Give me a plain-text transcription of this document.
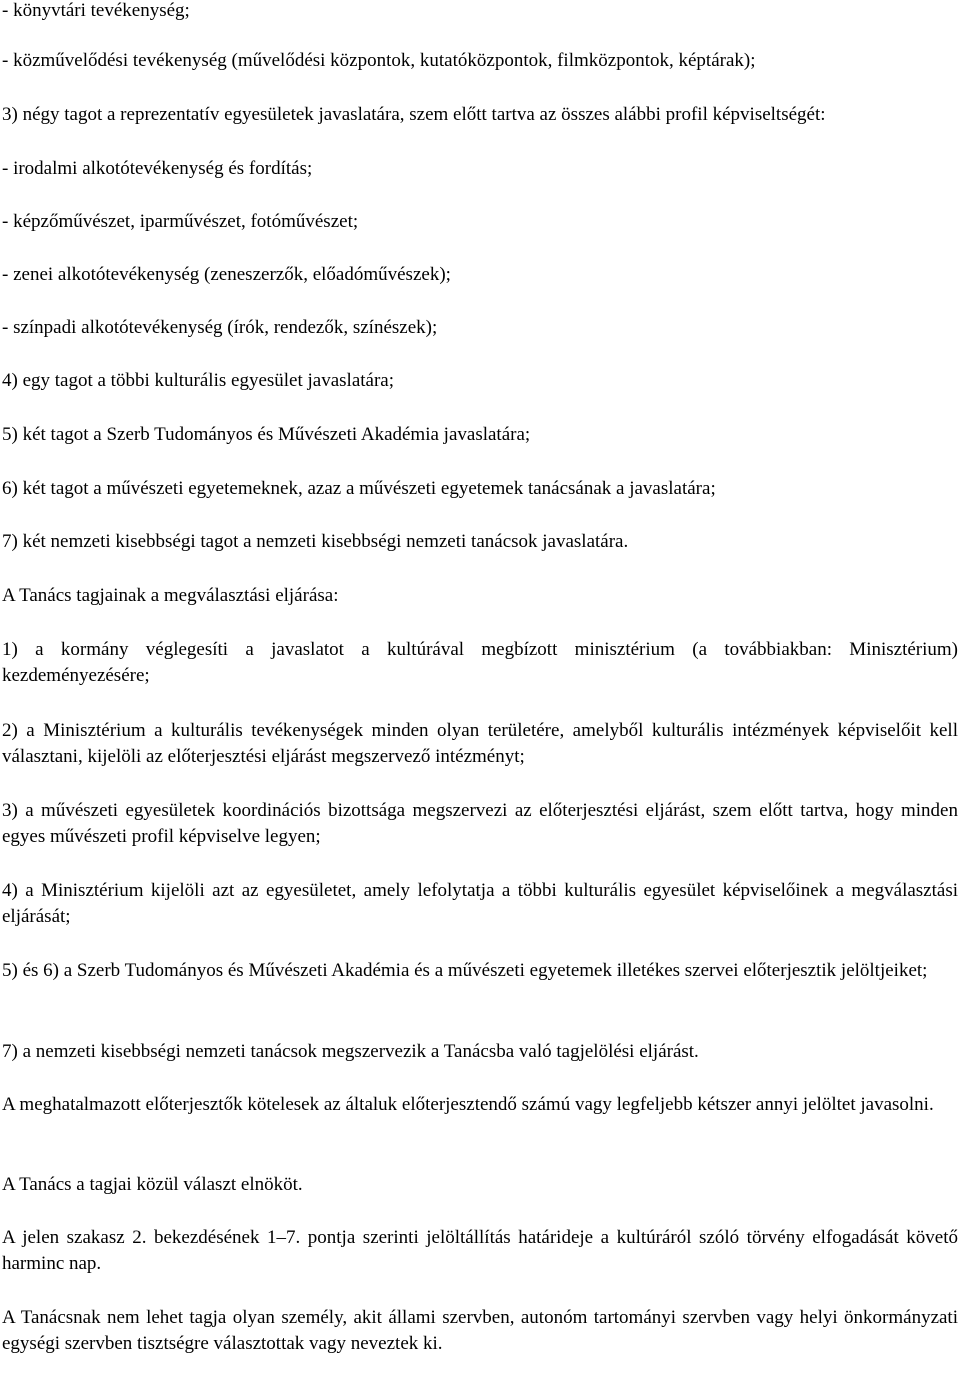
- könyvtári tevékenység;

- közművelődési tevékenység (művelődési központok, kutatóközpontok, filmközpontok, képtárak);

3) négy tagot a reprezentatív egyesületek javaslatára, szem előtt tartva az összes alábbi profil képviseltségét:

- irodalmi alkotótevékenység és fordítás;

- képzőművészet, iparművészet, fotóművészet;

- zenei alkotótevékenység (zeneszerzők, előadóművészek);

- színpadi alkotótevékenység (írók, rendezők, színészek);

4) egy tagot a többi kulturális egyesület javaslatára;

5) két tagot a Szerb Tudományos és Művészeti Akadémia javaslatára;

6) két tagot a művészeti egyetemeknek, azaz a művészeti egyetemek tanácsának a javaslatára;

7) két nemzeti kisebbségi tagot a nemzeti kisebbségi nemzeti tanácsok javaslatára.

A Tanács tagjainak a megválasztási eljárása:

1) a kormány véglegesíti a javaslatot a kultúrával megbízott minisztérium (a továbbiakban: Minisztérium) kezdeményezésére;

2) a Minisztérium a kulturális tevékenységek minden olyan területére, amelyből kulturális intézmények képviselőit kell választani, kijelöli az előterjesztési eljárást megszervező intézményt;

3) a művészeti egyesületek koordinációs bizottsága megszervezi az előterjesztési eljárást, szem előtt tartva, hogy minden egyes művészeti profil képviselve legyen;

4) a Minisztérium kijelöli azt az egyesületet, amely lefolytatja a többi kulturális egyesület képviselőinek a megválasztási eljárását;

5) és 6) a Szerb Tudományos és Művészeti Akadémia és a művészeti egyetemek illetékes szervei előterjesztik jelöltjeiket;

7) a nemzeti kisebbségi nemzeti tanácsok megszervezik a Tanácsba való tagjelölési eljárást.

A meghatalmazott előterjesztők kötelesek az általuk előterjesztendő számú vagy legfeljebb kétszer annyi jelöltet javasolni.

A Tanács a tagjai közül választ elnököt.

A jelen szakasz 2. bekezdésének 1–7. pontja szerinti jelöltállítás határideje a kultúráról szóló törvény elfogadását követő harminc nap.

A Tanácsnak nem lehet tagja olyan személy, akit állami szervben, autonóm tartományi szervben vagy helyi önkormányzati egységi szervben tisztségre választottak vagy neveztek ki.
